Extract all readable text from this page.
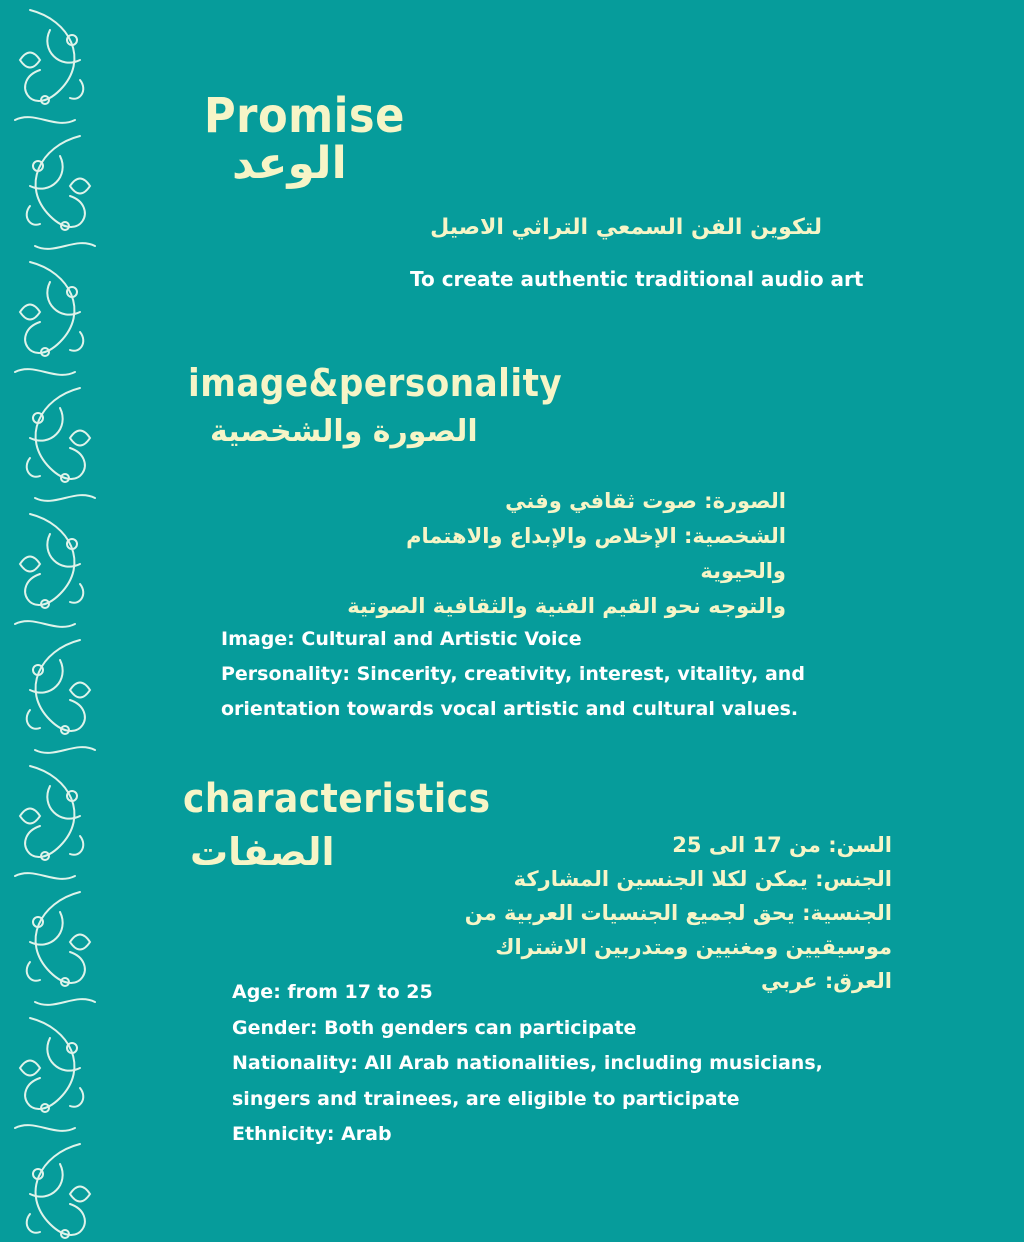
Promise
الوعد

لتكوين الفن السمعي التراثي الاصيل

To create authentic traditional audio art

image&personality
الصورة والشخصية
الصورة: صوت ثقافي وفني
الشخصية: الإخلاص والإبداع والاهتمام والحيوية
والتوجه نحو القيم الفنية والثقافية الصوتية
Image: Cultural and Artistic Voice
Personality: Sincerity, creativity, interest, vitality, and
orientation towards vocal artistic and cultural values.
characteristics
الصفات	السن: من 17 الى 25
الجنس: يمكن لكلا الجنسين المشاركة
الجنسية: يحق لجميع الجنسيات العربية من
موسيقيين ومغنيين ومتدربين الاشتراك
العرق: عربي
Age: from 17 to 25
Gender: Both genders can participate
Nationality: All Arab nationalities, including musicians,
singers and trainees, are eligible to participate
Ethnicity: Arab
